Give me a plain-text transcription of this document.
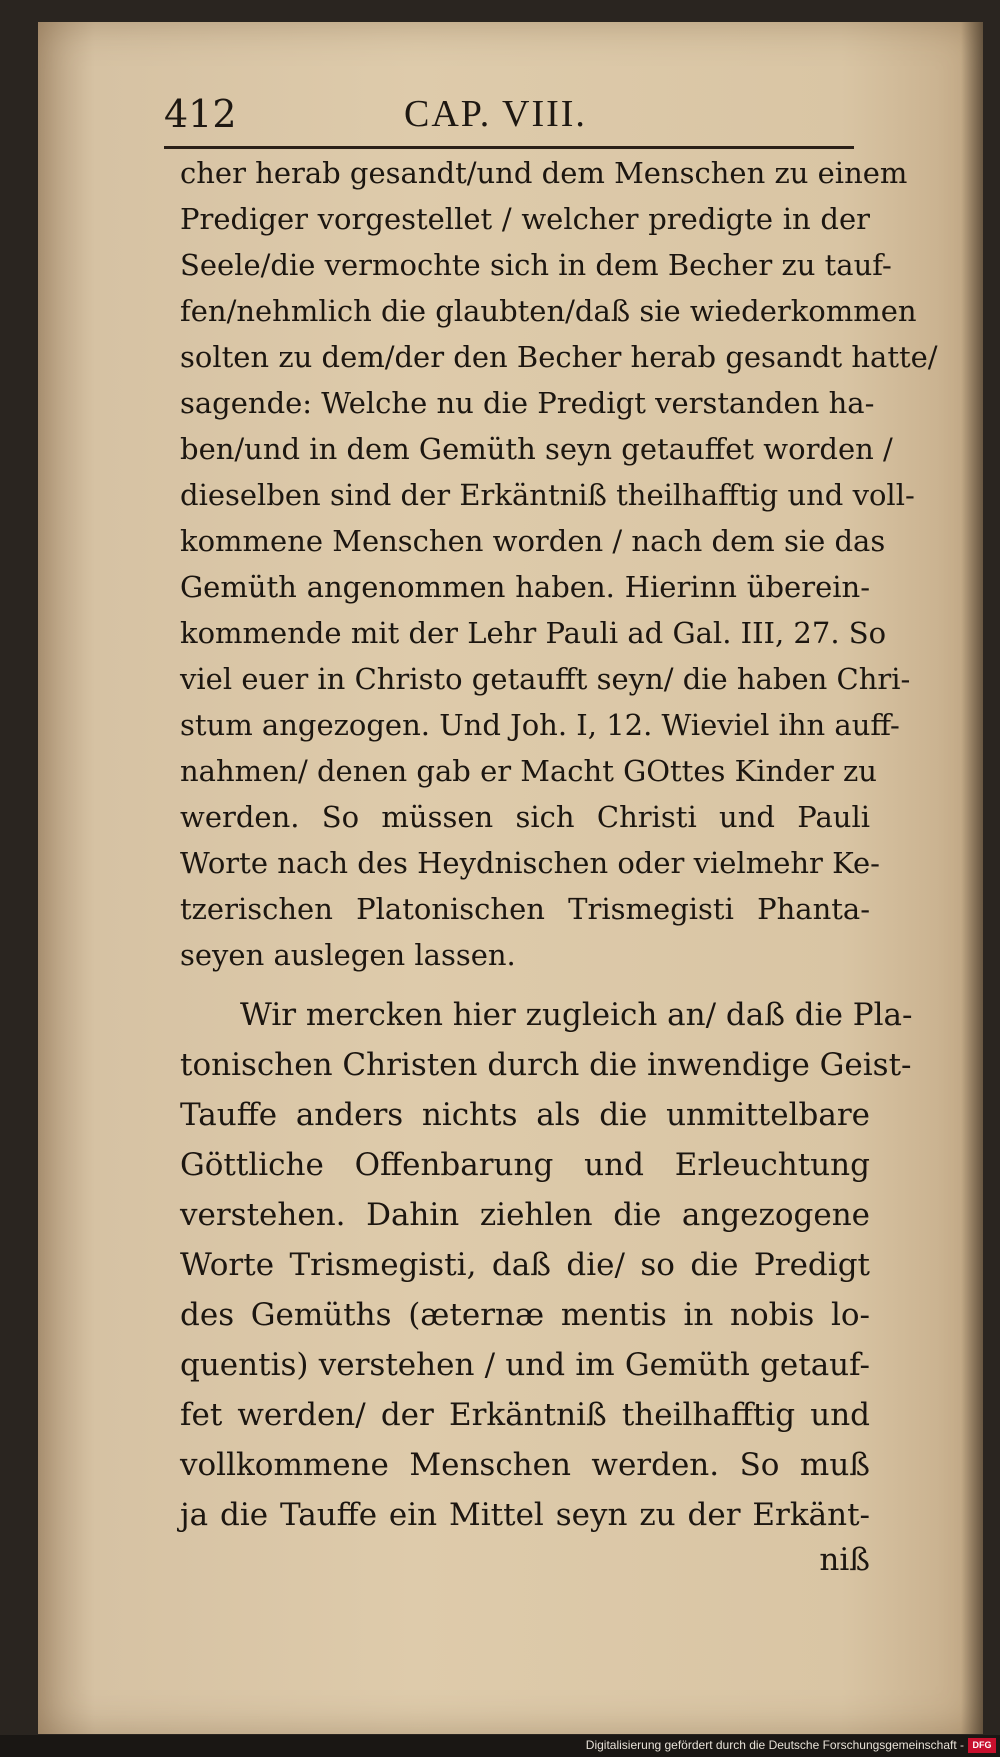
412	CAP. VIII.
cher herab gesandt/und dem Menschen zu einem
Prediger vorgestellet / welcher predigte in der
Seele/die vermochte sich in dem Becher zu tauf-
fen/nehmlich die glaubten/daß sie wiederkommen
solten zu dem/der den Becher herab gesandt hatte/
sagende: Welche nu die Predigt verstanden ha-
ben/und in dem Gemüth seyn getauffet worden /
dieselben sind der Erkäntniß theilhafftig und voll-
kommene Menschen worden / nach dem sie das
Gemüth angenommen haben. Hierinn überein-
kommende mit der Lehr Pauli ad Gal. III, 27. So
viel euer in Christo getaufft seyn/ die haben Chri-
stum angezogen. Und Joh. I, 12. Wieviel ihn auff-
nahmen/ denen gab er Macht GOttes Kinder zu
werden. So müssen sich Christi und Pauli
Worte nach des Heydnischen oder vielmehr Ke-
tzerischen Platonischen Trismegisti Phanta-
seyen auslegen lassen.
Wir mercken hier zugleich an/ daß die Pla-
tonischen Christen durch die inwendige Geist-
Tauffe anders nichts als die unmittelbare
Göttliche Offenbarung und Erleuchtung
verstehen. Dahin ziehlen die angezogene
Worte Trismegisti, daß die/ so die Predigt
des Gemüths (æternæ mentis in nobis lo-
quentis) verstehen / und im Gemüth getauf-
fet werden/ der Erkäntniß theilhafftig und
vollkommene Menschen werden. So muß
ja die Tauffe ein Mittel seyn zu der Erkänt-
niß
Digitalisierung gefördert durch die Deutsche Forschungsgemeinschaft - DFG
